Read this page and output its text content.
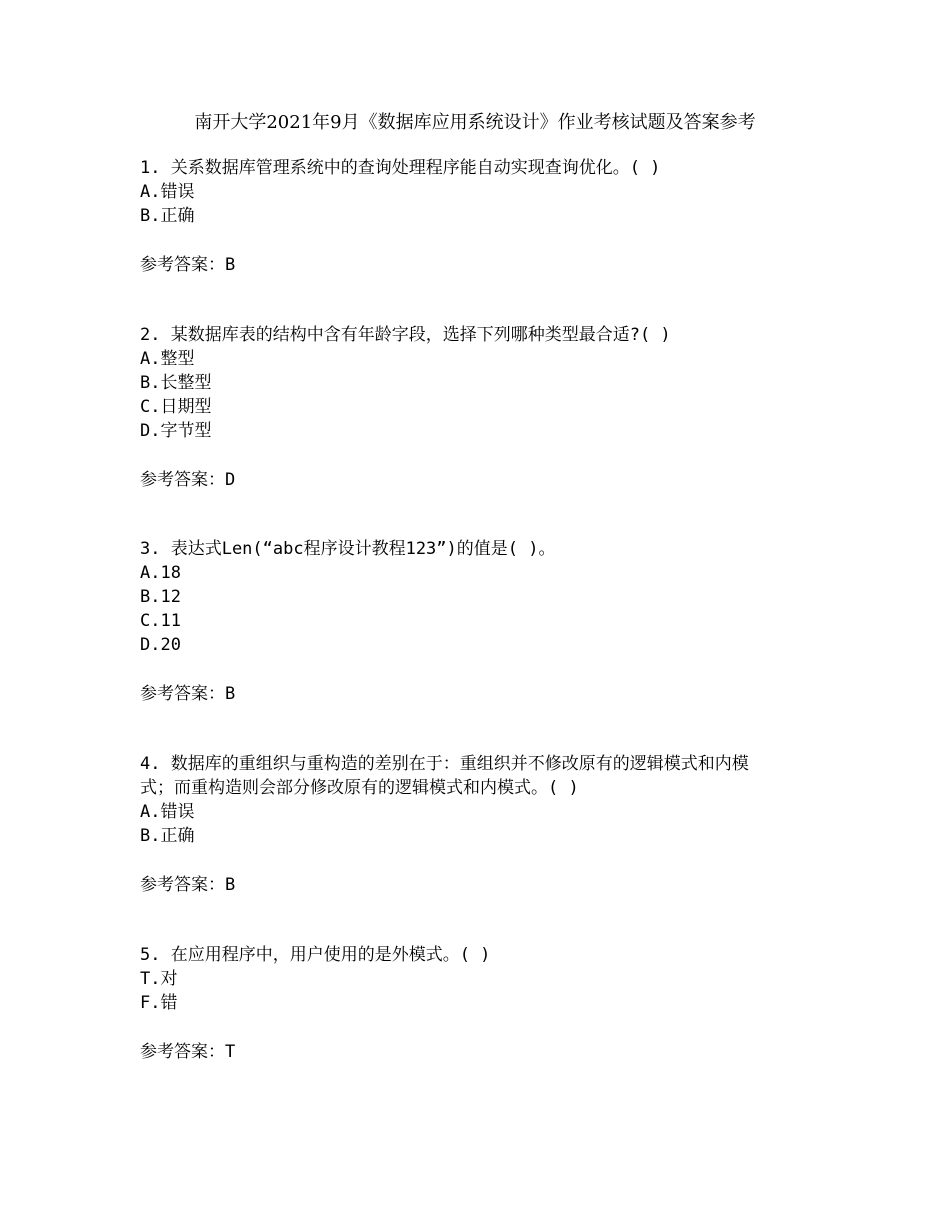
南开大学2021年9月《数据库应用系统设计》作业考核试题及答案参考
1. 关系数据库管理系统中的查询处理程序能自动实现查询优化。( )
A.错误
B.正确
参考答案：B
2. 某数据库表的结构中含有年龄字段，选择下列哪种类型最合适?( )
A.整型
B.长整型
C.日期型
D.字节型
参考答案：D
3. 表达式Len(“abc程序设计教程123”)的值是( )。
A.18
B.12
C.11
D.20
参考答案：B
4. 数据库的重组织与重构造的差别在于：重组织并不修改原有的逻辑模式和内模
式；而重构造则会部分修改原有的逻辑模式和内模式。( )
A.错误
B.正确
参考答案：B
5. 在应用程序中，用户使用的是外模式。( )
T.对
F.错
参考答案：T
